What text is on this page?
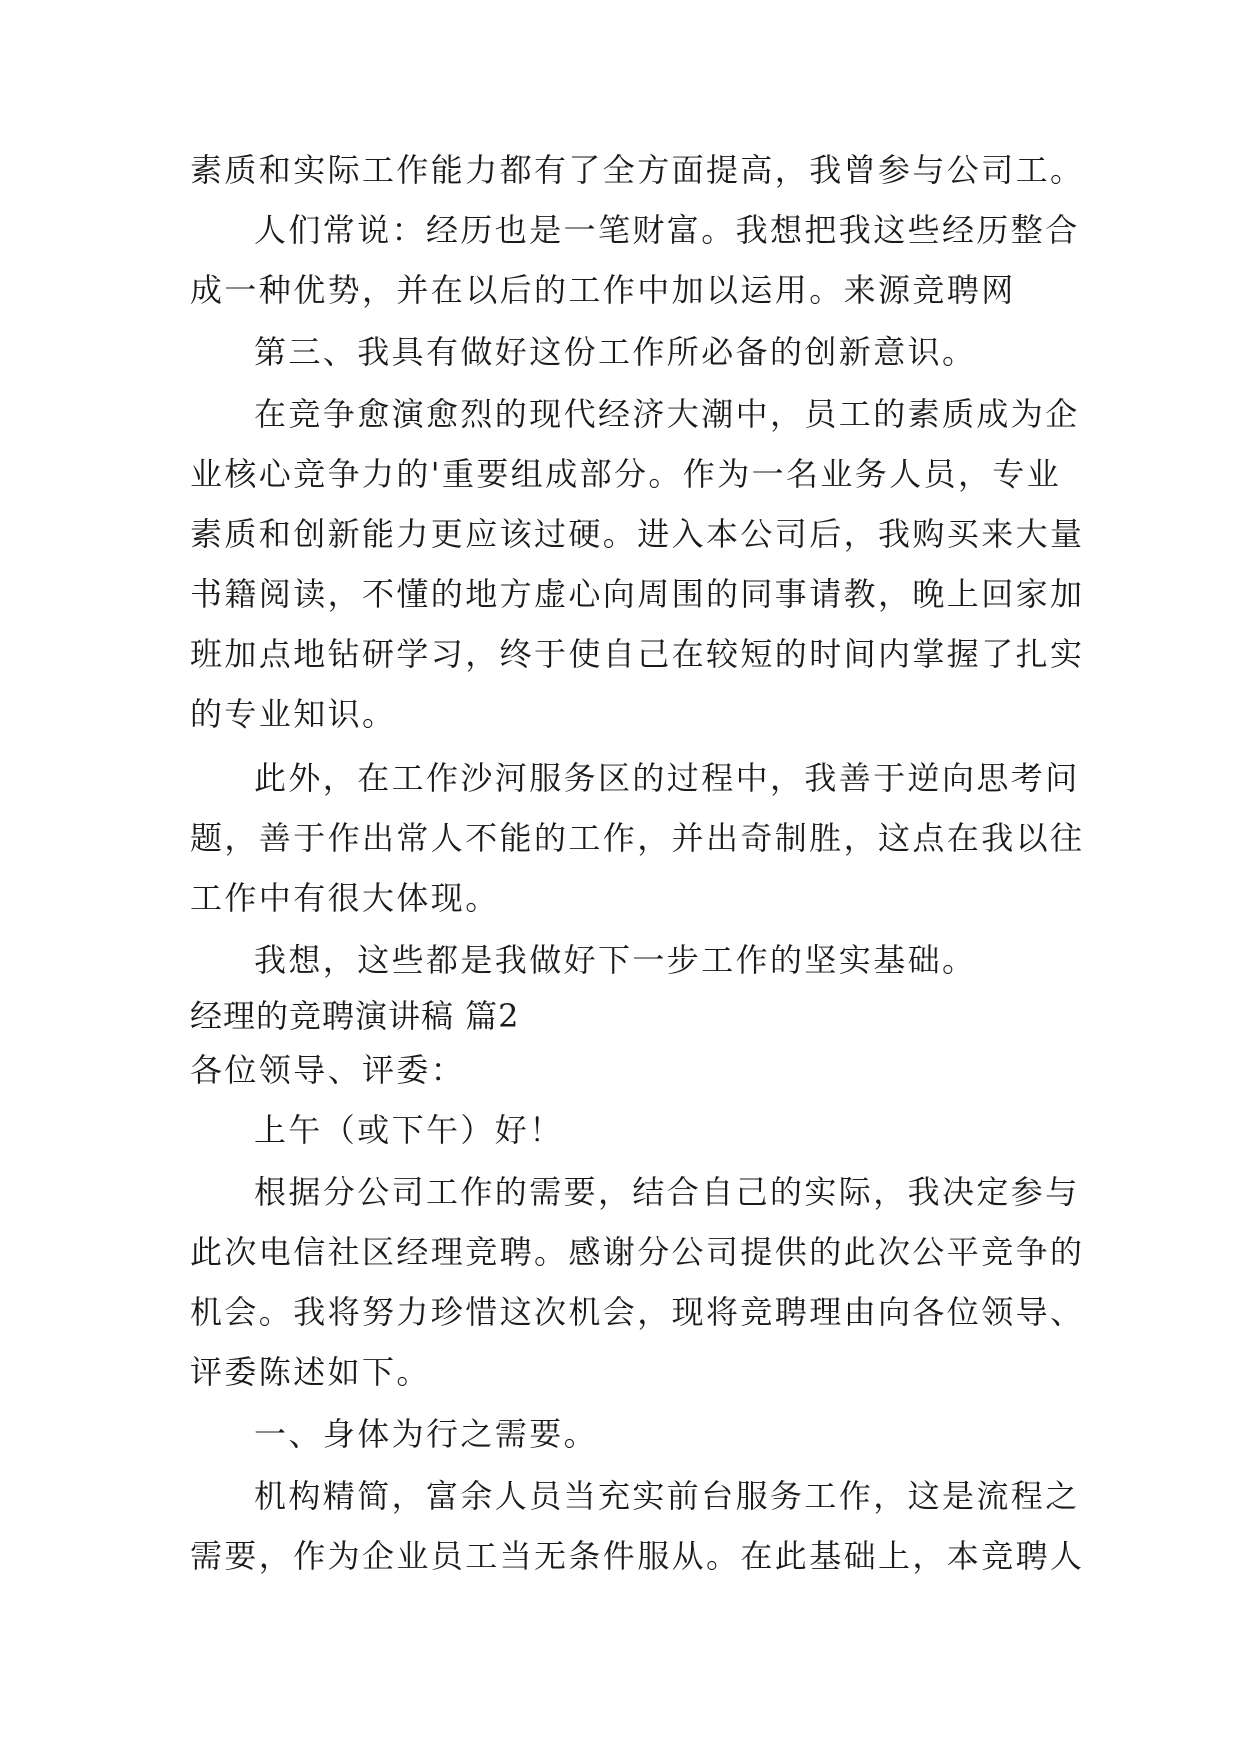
素质和实际工作能力都有了全方面提高，我曾参与公司工。
人们常说：经历也是一笔财富。我想把我这些经历整合
成一种优势，并在以后的工作中加以运用。来源竞聘网
第三、我具有做好这份工作所必备的创新意识。
在竞争愈演愈烈的现代经济大潮中，员工的素质成为企
业核心竞争力的'重要组成部分。作为一名业务人员，专业
素质和创新能力更应该过硬。进入本公司后，我购买来大量
书籍阅读，不懂的地方虚心向周围的同事请教，晚上回家加
班加点地钻研学习，终于使自己在较短的时间内掌握了扎实
的专业知识。
此外，在工作沙河服务区的过程中，我善于逆向思考问
题，善于作出常人不能的工作，并出奇制胜，这点在我以往
工作中有很大体现。
我想，这些都是我做好下一步工作的坚实基础。
经理的竞聘演讲稿 篇2
各位领导、评委：
上午（或下午）好！
根据分公司工作的需要，结合自己的实际，我决定参与
此次电信社区经理竞聘。感谢分公司提供的此次公平竞争的
机会。我将努力珍惜这次机会，现将竞聘理由向各位领导、
评委陈述如下。
一、身体为行之需要。
机构精简，富余人员当充实前台服务工作，这是流程之
需要，作为企业员工当无条件服从。在此基础上，本竞聘人
